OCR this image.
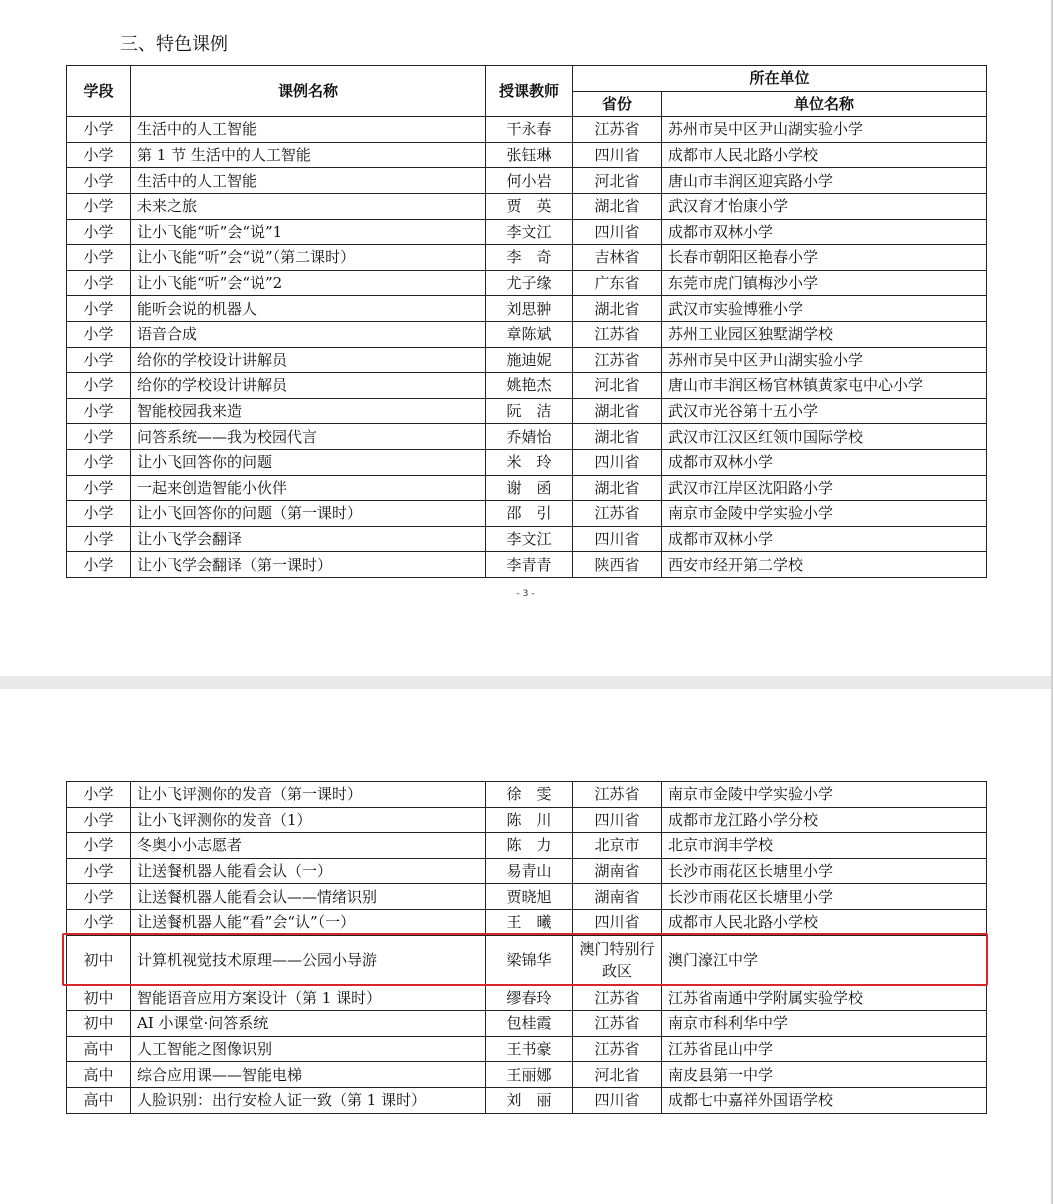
三、特色课例
学段	课例名称	授课教师	所在单位	
			省份	单位名称
小学	生活中的人工智能	干永春	江苏省	苏州市吴中区尹山湖实验小学
小学	第 1 节 生活中的人工智能	张钰琳	四川省	成都市人民北路小学校
小学	生活中的人工智能	何小岩	河北省	唐山市丰润区迎宾路小学
小学	未来之旅	贾　英	湖北省	武汉育才怡康小学
小学	让小飞能“听”会“说”1	李文江	四川省	成都市双林小学
小学	让小飞能“听”会“说”（第二课时）	李　奇	吉林省	长春市朝阳区艳春小学
小学	让小飞能“听”会“说”2	尤子缘	广东省	东莞市虎门镇梅沙小学
小学	能听会说的机器人	刘思翀	湖北省	武汉市实验博雅小学
小学	语音合成	章陈斌	江苏省	苏州工业园区独墅湖学校
小学	给你的学校设计讲解员	施迪妮	江苏省	苏州市吴中区尹山湖实验小学
小学	给你的学校设计讲解员	姚艳杰	河北省	唐山市丰润区杨官林镇黄家屯中心小学
小学	智能校园我来造	阮　洁	湖北省	武汉市光谷第十五小学
小学	问答系统——我为校园代言	乔婧怡	湖北省	武汉市江汉区红领巾国际学校
小学	让小飞回答你的问题	米　玲	四川省	成都市双林小学
小学	一起来创造智能小伙伴	谢　函	湖北省	武汉市江岸区沈阳路小学
小学	让小飞回答你的问题（第一课时）	邵　引	江苏省	南京市金陵中学实验小学
小学	让小飞学会翻译	李文江	四川省	成都市双林小学
小学	让小飞学会翻译（第一课时）	李青青	陕西省	西安市经开第二学校
- 3 -
小学	让小飞评测你的发音（第一课时）	徐　雯	江苏省	南京市金陵中学实验小学
小学	让小飞评测你的发音（1）	陈　川	四川省	成都市龙江路小学分校
小学	冬奥小小志愿者	陈　力	北京市	北京市润丰学校
小学	让送餐机器人能看会认（一）	易青山	湖南省	长沙市雨花区长塘里小学
小学	让送餐机器人能看会认——情绪识别	贾晓旭	湖南省	长沙市雨花区长塘里小学
小学	让送餐机器人能“看”会“认”（一）	王　曦	四川省	成都市人民北路小学校
初中	计算机视觉技术原理——公园小导游	梁锦华	澳门特别行政区	澳门濠江中学
初中	智能语音应用方案设计（第 1 课时）	缪春玲	江苏省	江苏省南通中学附属实验学校
初中	AI 小课堂·问答系统	包桂霞	江苏省	南京市科利华中学
高中	人工智能之图像识别	王书豪	江苏省	江苏省昆山中学
高中	综合应用课——智能电梯	王丽娜	河北省	南皮县第一中学
高中	人脸识别：出行安检人证一致（第 1 课时）	刘　丽	四川省	成都七中嘉祥外国语学校
